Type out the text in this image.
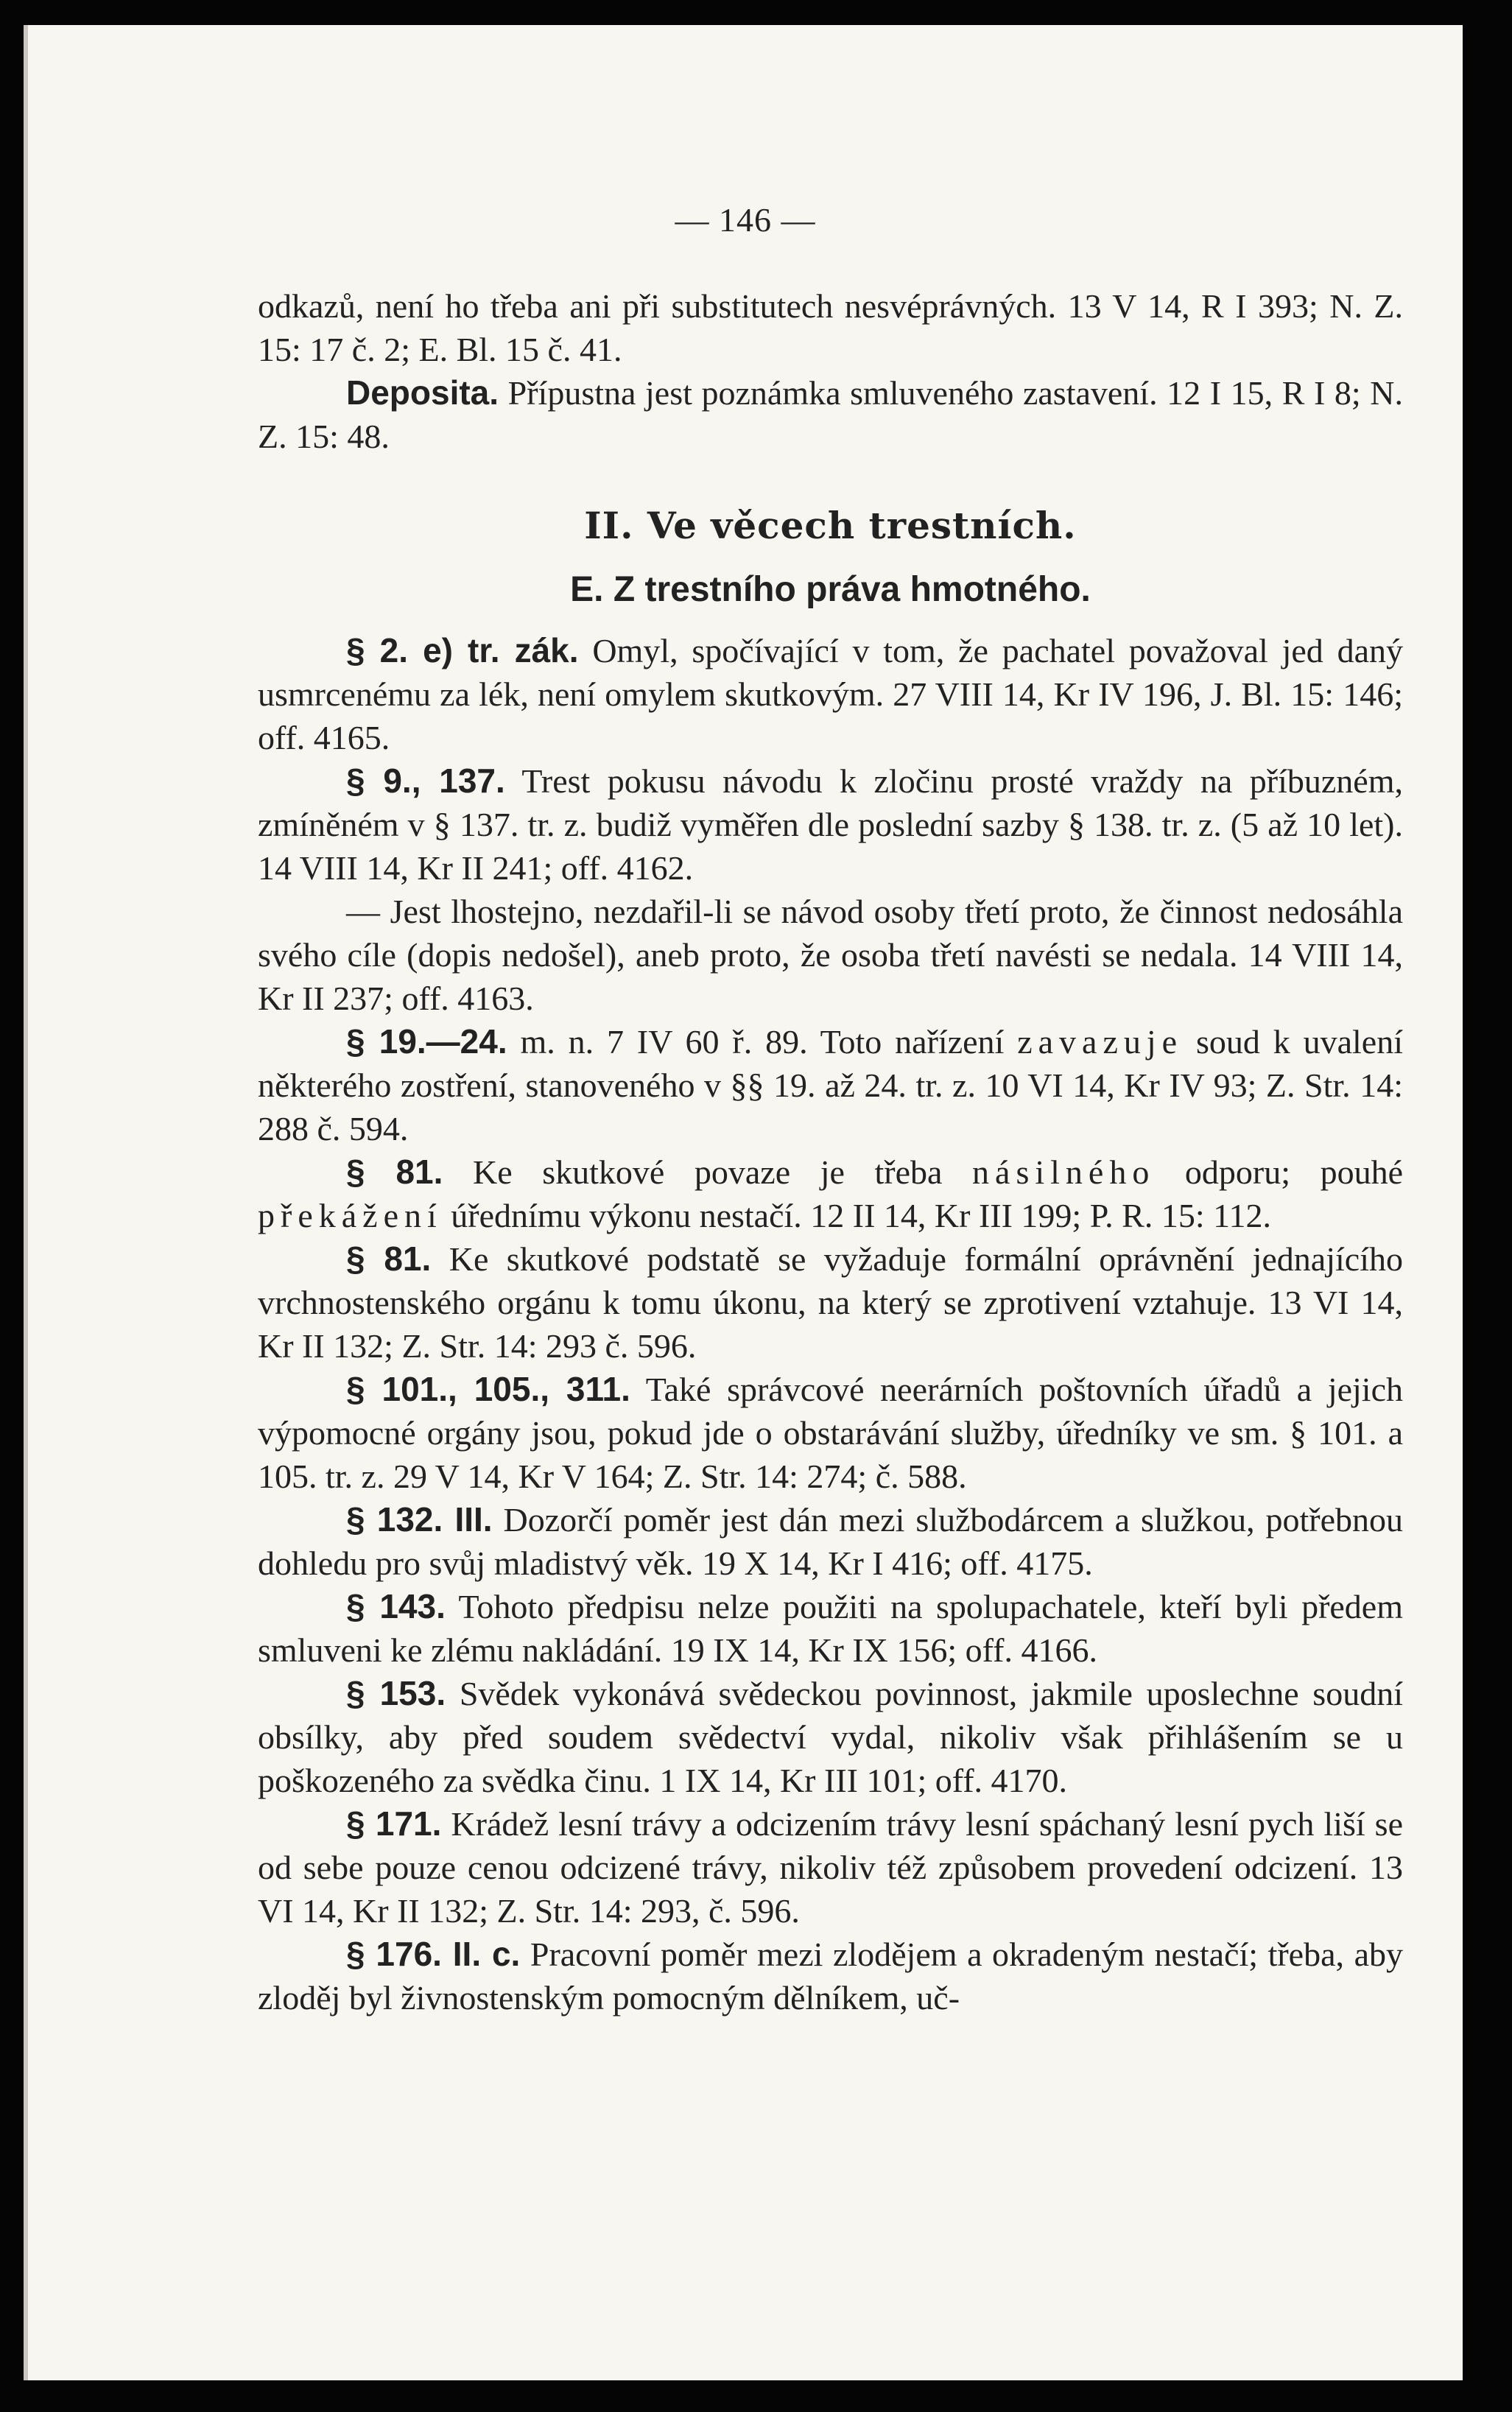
— 146 —
odkazů, není ho třeba ani při substitutech nesvéprávných. 13 V 14, R I 393; N. Z. 15: 17 č. 2; E. Bl. 15 č. 41.
Deposita. Přípustna jest poznámka smluveného zastavení. 12 I 15, R I 8; N. Z. 15: 48.
II. Ve věcech trestních.
E. Z trestního práva hmotného.
§ 2. e) tr. zák. Omyl, spočívající v tom, že pachatel považoval jed daný usmrcenému za lék, není omylem skutkovým. 27 VIII 14, Kr IV 196, J. Bl. 15: 146; off. 4165.
§ 9., 137. Trest pokusu návodu k zločinu prosté vraždy na příbuzném, zmíněném v § 137. tr. z. budiž vyměřen dle poslední sazby § 138. tr. z. (5 až 10 let). 14 VIII 14, Kr II 241; off. 4162.
— Jest lhostejno, nezdařil-li se návod osoby třetí proto, že činnost nedosáhla svého cíle (dopis nedošel), aneb proto, že osoba třetí navésti se nedala. 14 VIII 14, Kr II 237; off. 4163.
§ 19.—24. m. n. 7 IV 60 ř. 89. Toto nařízení zavazuje soud k uvalení některého zostření, stanoveného v §§ 19. až 24. tr. z. 10 VI 14, Kr IV 93; Z. Str. 14: 288 č. 594.
§ 81. Ke skutkové povaze je třeba násilného odporu; pouhé překážení úřednímu výkonu nestačí. 12 II 14, Kr III 199; P. R. 15: 112.
§ 81. Ke skutkové podstatě se vyžaduje formální oprávnění jednajícího vrchnostenského orgánu k tomu úkonu, na který se zprotivení vztahuje. 13 VI 14, Kr II 132; Z. Str. 14: 293 č. 596.
§ 101., 105., 311. Také správcové neerárních poštovních úřadů a jejich výpomocné orgány jsou, pokud jde o obstarávání služby, úředníky ve sm. § 101. a 105. tr. z. 29 V 14, Kr V 164; Z. Str. 14: 274; č. 588.
§ 132. III. Dozorčí poměr jest dán mezi službodárcem a služkou, potřebnou dohledu pro svůj mladistvý věk. 19 X 14, Kr I 416; off. 4175.
§ 143. Tohoto předpisu nelze použiti na spolupachatele, kteří byli předem smluveni ke zlému nakládání. 19 IX 14, Kr IX 156; off. 4166.
§ 153. Svědek vykonává svědeckou povinnost, jakmile uposlechne soudní obsílky, aby před soudem svědectví vydal, nikoliv však přihlášením se u poškozeného za svědka činu. 1 IX 14, Kr III 101; off. 4170.
§ 171. Krádež lesní trávy a odcizením trávy lesní spáchaný lesní pych liší se od sebe pouze cenou odcizené trávy, nikoliv též způsobem provedení odcizení. 13 VI 14, Kr II 132; Z. Str. 14: 293, č. 596.
§ 176. II. c. Pracovní poměr mezi zlodějem a okradeným nestačí; třeba, aby zloděj byl živnostenským pomocným dělníkem, uč-
